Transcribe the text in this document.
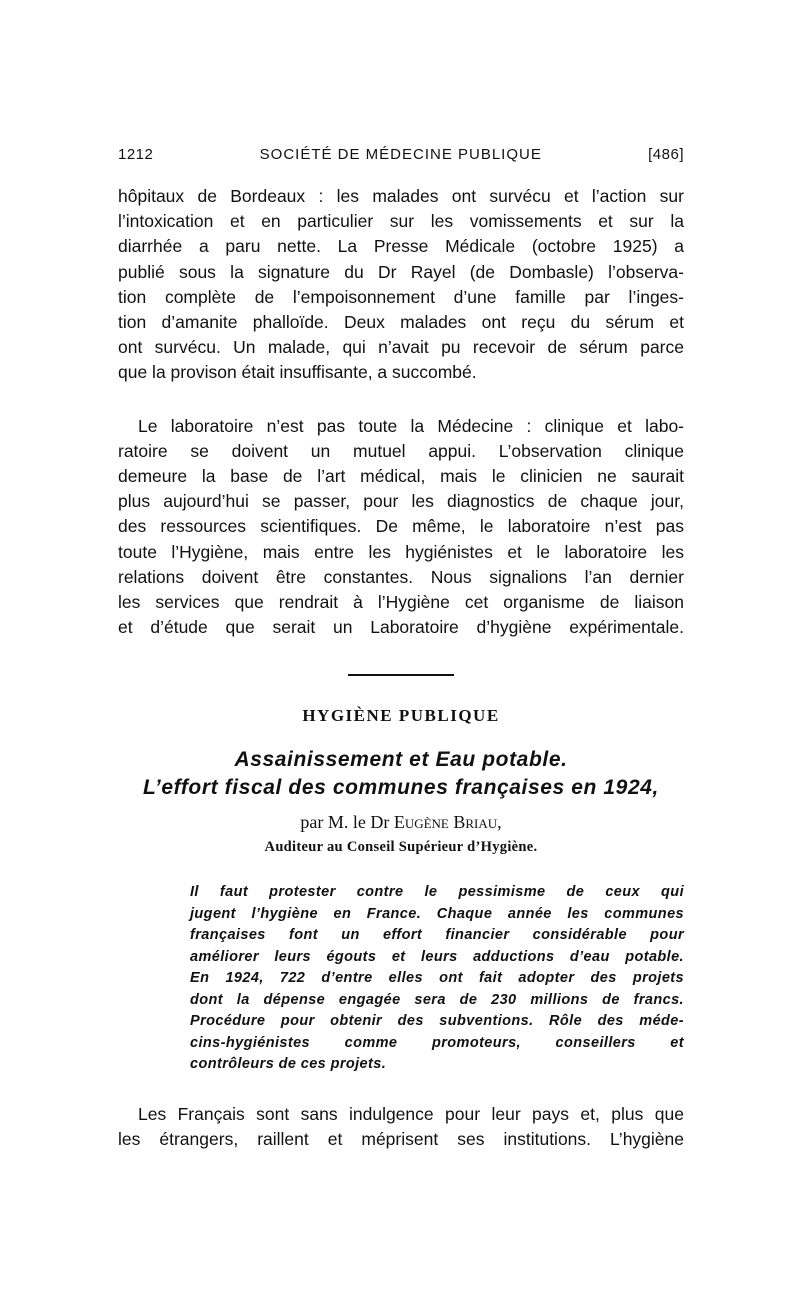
1212	SOCIÉTÉ DE MÉDECINE PUBLIQUE	[486]

hôpitaux de Bordeaux : les malades ont survécu et l’action sur
l’intoxication et en particulier sur les vomissements et sur la
diarrhée a paru nette. La Presse Médicale (octobre 1925) a
publié sous la signature du Dr Rayel (de Dombasle) l’observa-
tion complète de l’empoisonnement d’une famille par l’inges-
tion d’amanite phalloïde. Deux malades ont reçu du sérum et
ont survécu. Un malade, qui n’avait pu recevoir de sérum parce
que la provison était insuffisante, a succombé.

Le laboratoire n’est pas toute la Médecine : clinique et labo-
ratoire se doivent un mutuel appui. L’observation clinique
demeure la base de l’art médical, mais le clinicien ne saurait
plus aujourd’hui se passer, pour les diagnostics de chaque jour,
des ressources scientifiques. De même, le laboratoire n’est pas
toute l’Hygiène, mais entre les hygiénistes et le laboratoire les
relations doivent être constantes. Nous signalions l’an dernier
les services que rendrait à l’Hygiène cet organisme de liaison
et d’étude que serait un Laboratoire d’hygiène expérimentale.

HYGIÈNE PUBLIQUE
Assainissement et Eau potable.
L’effort fiscal des communes françaises en 1924,
par M. le Dr Eugène Briau,
Auditeur au Conseil Supérieur d’Hygiène.
Il faut protester contre le pessimisme de ceux qui
jugent l’hygiène en France. Chaque année les communes
françaises font un effort financier considérable pour
améliorer leurs égouts et leurs adductions d’eau potable.
En 1924, 722 d’entre elles ont fait adopter des projets
dont la dépense engagée sera de 230 millions de francs.
Procédure pour obtenir des subventions. Rôle des méde-
cins-hygiénistes comme promoteurs, conseillers et
contrôleurs de ces projets.

Les Français sont sans indulgence pour leur pays et, plus que
les étrangers, raillent et méprisent ses institutions. L’hygiène
